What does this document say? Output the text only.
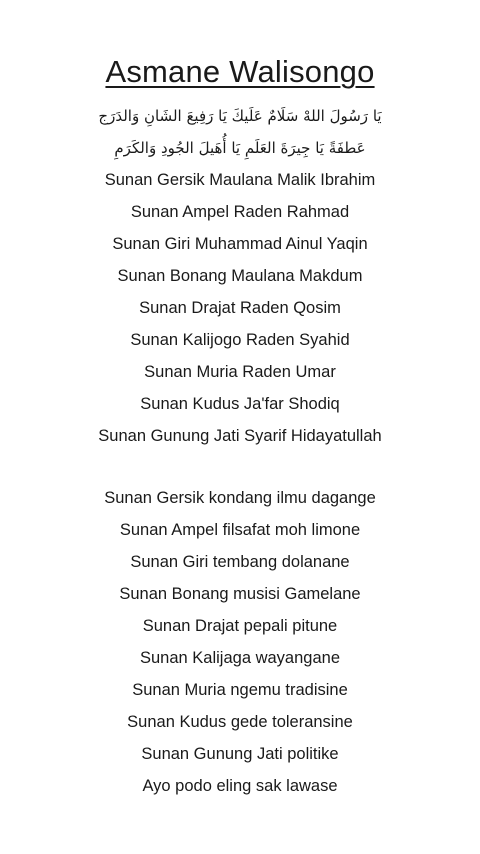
Asmane Walisongo
يَا رَسُولَ اللهْ سَلَامٌ عَلَيكَ يَا رَفِيعَ الشَانِ وَالدَرَج
عَطفَةً يَا جِيرَةَ العَلَمِ يَا أُهَيلَ الجُودِ وَالكَرَمِ
Sunan Gersik Maulana Malik Ibrahim
Sunan Ampel Raden Rahmad
Sunan Giri Muhammad Ainul Yaqin
Sunan Bonang Maulana Makdum
Sunan Drajat Raden Qosim
Sunan Kalijogo Raden Syahid
Sunan Muria Raden Umar
Sunan Kudus Ja'far Shodiq
Sunan Gunung Jati Syarif Hidayatullah
Sunan Gersik kondang ilmu dagange
Sunan Ampel filsafat moh limone
Sunan Giri tembang dolanane
Sunan Bonang musisi Gamelane
Sunan Drajat pepali pitune
Sunan Kalijaga wayangane
Sunan Muria ngemu tradisine
Sunan Kudus gede toleransine
Sunan Gunung Jati politike
Ayo podo eling sak lawase
